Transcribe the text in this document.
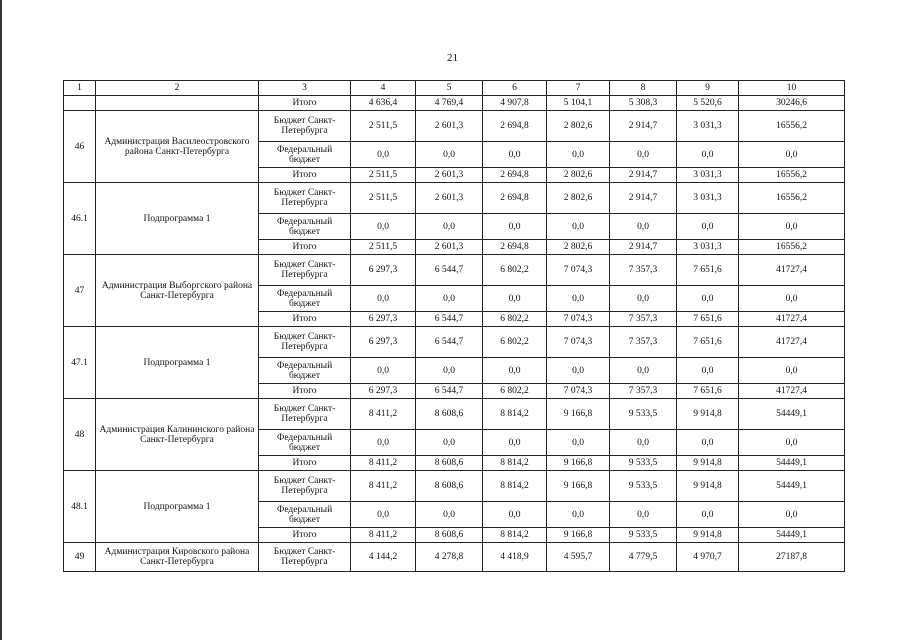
21
1	2	3	4	5	6	7	8	9	10
		Итого	4 636,4	4 769,4	4 907,8	5 104,1	5 308,3	5 520,6	30246,6
46	Администрация Василеостровского района Санкт-Петербурга	Бюджет Санкт-Петербурга	2 511,5	2 601,3	2 694,8	2 802,6	2 914,7	3 031,3	16556,2
		Федеральный бюджет	0,0	0,0	0,0	0,0	0,0	0,0	0,0
		Итого	2 511,5	2 601,3	2 694,8	2 802,6	2 914,7	3 031,3	16556,2
46.1	Подпрограмма 1	Бюджет Санкт-Петербурга	2 511,5	2 601,3	2 694,8	2 802,6	2 914,7	3 031,3	16556,2
		Федеральный бюджет	0,0	0,0	0,0	0,0	0,0	0,0	0,0
		Итого	2 511,5	2 601,3	2 694,8	2 802,6	2 914,7	3 031,3	16556,2
47	Администрация Выборгского района Санкт-Петербурга	Бюджет Санкт-Петербурга	6 297,3	6 544,7	6 802,2	7 074,3	7 357,3	7 651,6	41727,4
		Федеральный бюджет	0,0	0,0	0,0	0,0	0,0	0,0	0,0
		Итого	6 297,3	6 544,7	6 802,2	7 074,3	7 357,3	7 651,6	41727,4
47.1	Подпрограмма 1	Бюджет Санкт-Петербурга	6 297,3	6 544,7	6 802,2	7 074,3	7 357,3	7 651,6	41727,4
		Федеральный бюджет	0,0	0,0	0,0	0,0	0,0	0,0	0,0
		Итого	6 297,3	6 544,7	6 802,2	7 074,3	7 357,3	7 651,6	41727,4
48	Администрация Калининского района Санкт-Петербурга	Бюджет Санкт-Петербурга	8 411,2	8 608,6	8 814,2	9 166,8	9 533,5	9 914,8	54449,1
		Федеральный бюджет	0,0	0,0	0,0	0,0	0,0	0,0	0,0
		Итого	8 411,2	8 608,6	8 814,2	9 166,8	9 533,5	9 914,8	54449,1
48.1	Подпрограмма 1	Бюджет Санкт-Петербурга	8 411,2	8 608,6	8 814,2	9 166,8	9 533,5	9 914,8	54449,1
		Федеральный бюджет	0,0	0,0	0,0	0,0	0,0	0,0	0,0
		Итого	8 411,2	8 608,6	8 814,2	9 166,8	9 533,5	9 914,8	54449,1
49	Администрация Кировского района Санкт-Петербурга	Бюджет Санкт-Петербурга	4 144,2	4 278,8	4 418,9	4 595,7	4 779,5	4 970,7	27187,8
